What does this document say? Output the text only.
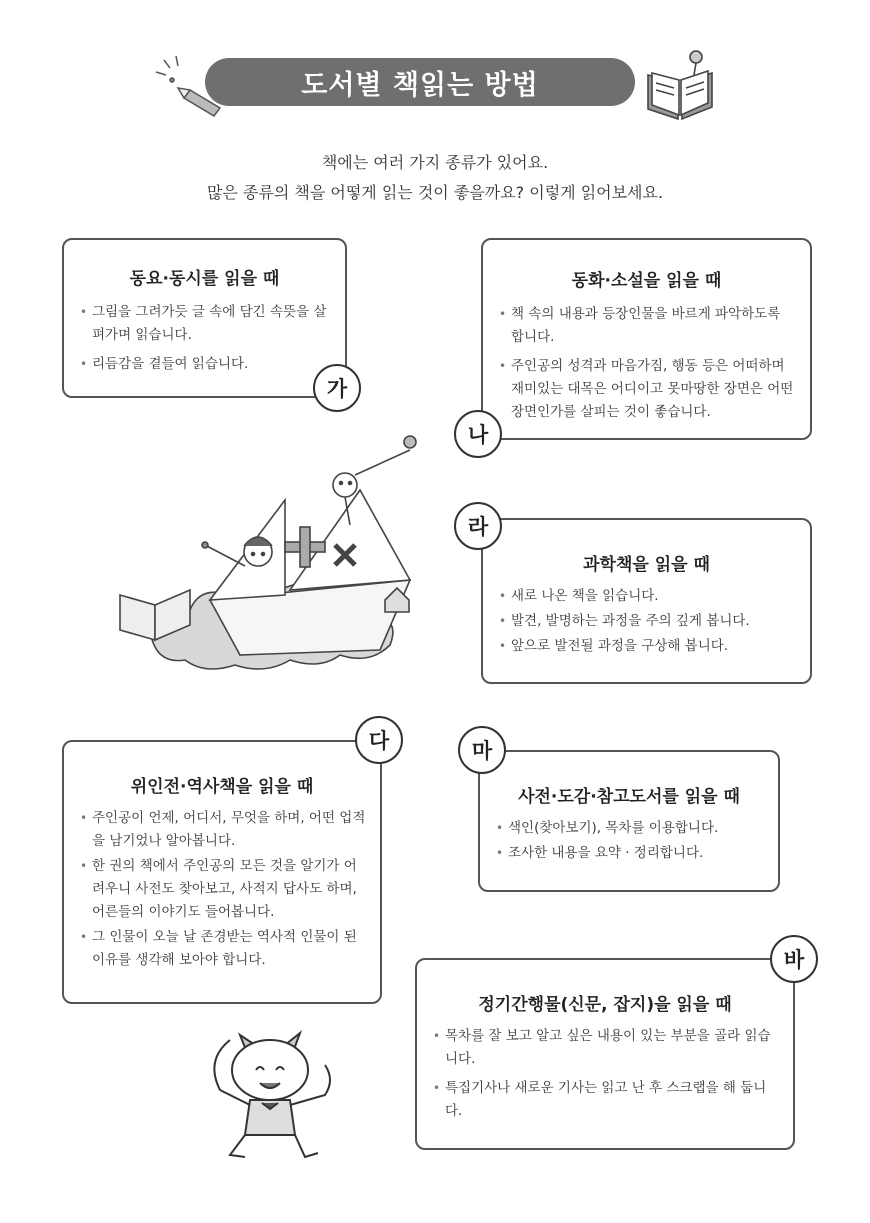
도서별 책읽는 방법
책에는 여러 가지 종류가 있어요.
많은 종류의 책을 어떻게 읽는 것이 좋을까요? 이렇게 읽어보세요.

동요·동시를 읽을 때

• 그림을 그려가듯 글 속에 담긴 속뜻을 살펴가며 읽습니다.
• 리듬감을 곁들여 읽습니다.
가

동화·소설을 읽을 때

• 책 속의 내용과 등장인물을 바르게 파악하도록 합니다.
• 주인공의 성격과 마음가짐, 행동 등은 어떠하며 재미있는 대목은 어디이고 못마땅한 장면은 어떤 장면인가를 살피는 것이 좋습니다.
나

과학책을 읽을 때

• 새로 나온 책을 읽습니다.
• 발견, 발명하는 과정을 주의 깊게 봅니다.
• 앞으로 발전될 과정을 구상해 봅니다.
라

위인전·역사책을 읽을 때

• 주인공이 언제, 어디서, 무엇을 하며, 어떤 업적을 남기었나 알아봅니다.
• 한 권의 책에서 주인공의 모든 것을 알기가 어려우니 사전도 찾아보고, 사적지 답사도 하며, 어른들의 이야기도 들어봅니다.
• 그 인물이 오늘 날 존경받는 역사적 인물이 된 이유를 생각해 보아야 합니다.
다

사전·도감·참고도서를 읽을 때

• 색인(찾아보기), 목차를 이용합니다.
• 조사한 내용을 요약 · 정리합니다.
마

정기간행물(신문, 잡지)을 읽을 때

• 목차를 잘 보고 알고 싶은 내용이 있는 부분을 골라 읽습니다.
• 특집기사나 새로운 기사는 읽고 난 후 스크랩을 해 둡니다.
바
